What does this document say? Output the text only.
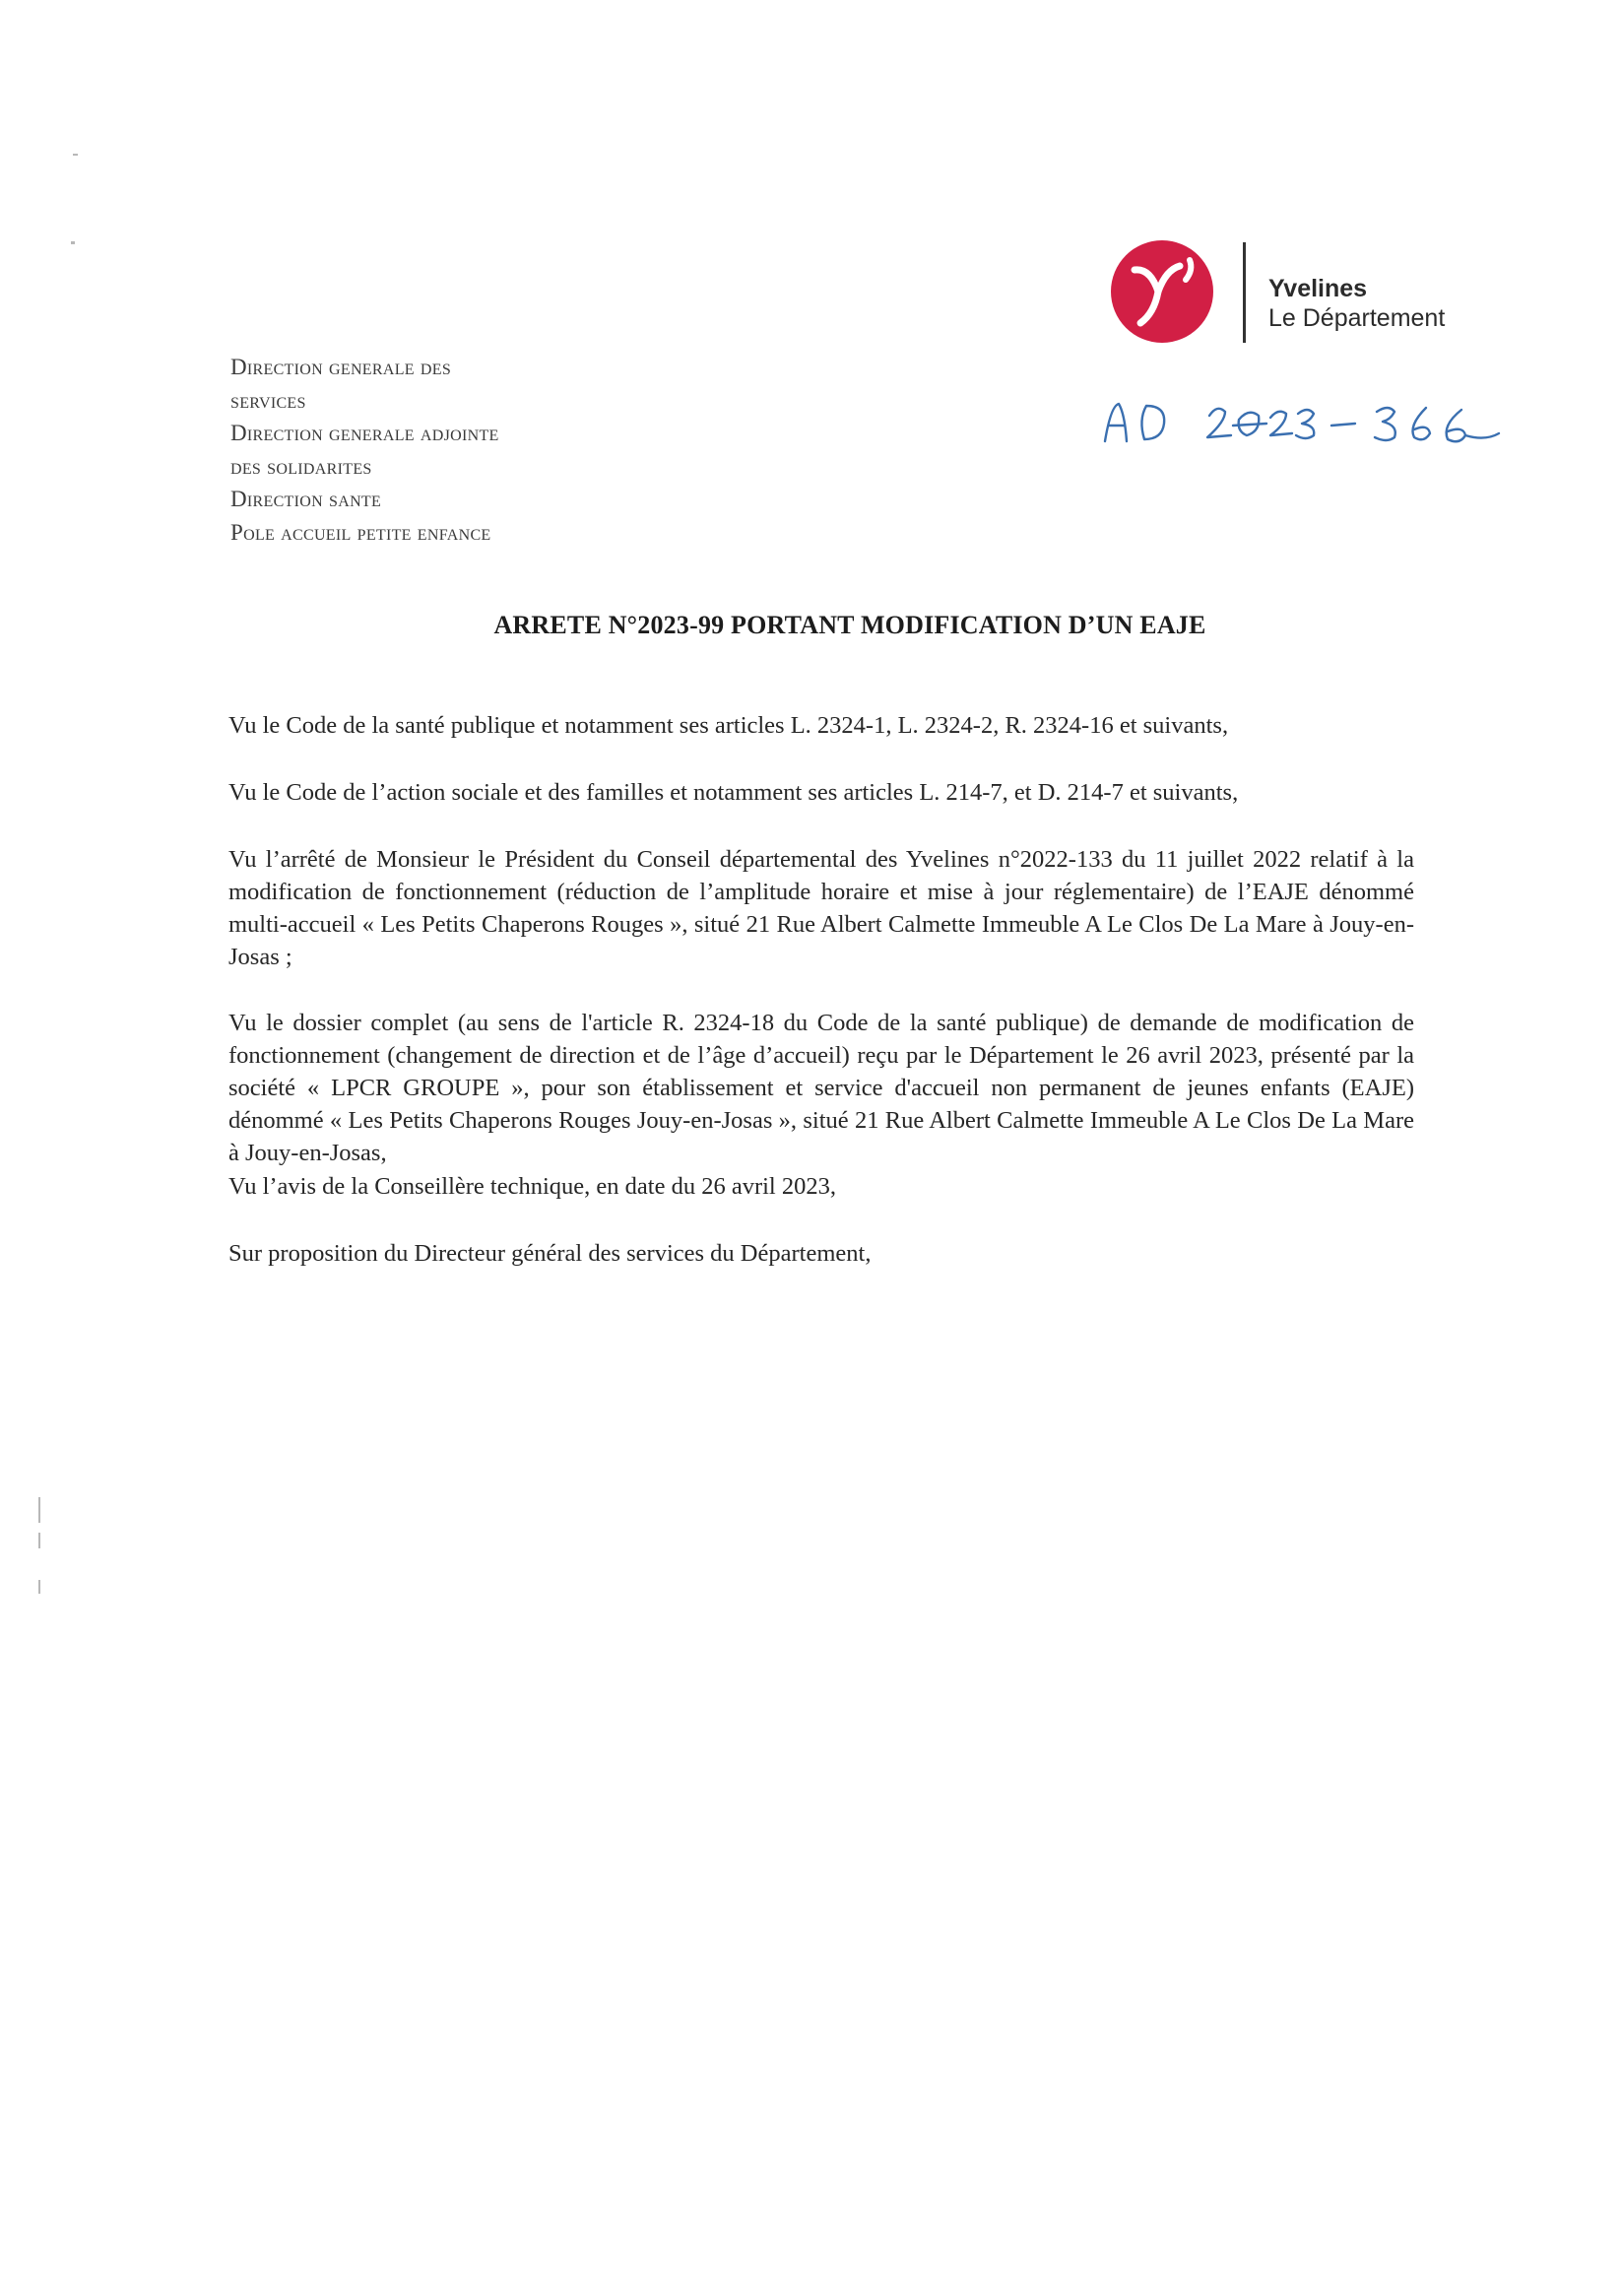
Yvelines
Le Département
Direction generale des
services
Direction generale adjointe
des solidarites
Direction sante
Pole accueil petite enfance
ARRETE N°2023-99 PORTANT MODIFICATION D’UN EAJE
Vu le Code de la santé publique et notamment ses articles L. 2324-1, L. 2324-2, R. 2324-16 et suivants,
Vu le Code de l’action sociale et des familles et notamment ses articles L. 214-7, et D. 214-7 et suivants,
Vu l’arrêté de Monsieur le Président du Conseil départemental des Yvelines n°2022-133 du 11 juillet 2022 relatif à la modification de fonctionnement (réduction de l’amplitude horaire et mise à jour réglementaire) de l’EAJE dénommé multi-accueil « Les Petits Chaperons Rouges », situé 21 Rue Albert Calmette Immeuble A Le Clos De La Mare à Jouy-en-Josas ;
Vu le dossier complet (au sens de l'article R. 2324-18 du Code de la santé publique) de demande de modification de fonctionnement (changement de direction et de l’âge d’accueil) reçu par le Département le 26 avril 2023, présenté par la société « LPCR GROUPE », pour son établissement et service d'accueil non permanent de jeunes enfants (EAJE) dénommé « Les Petits Chaperons Rouges Jouy-en-Josas », situé 21 Rue Albert Calmette Immeuble A Le Clos De La Mare à Jouy-en-Josas,
Vu l’avis de la Conseillère technique, en date du 26 avril 2023,
Sur proposition du Directeur général des services du Département,
